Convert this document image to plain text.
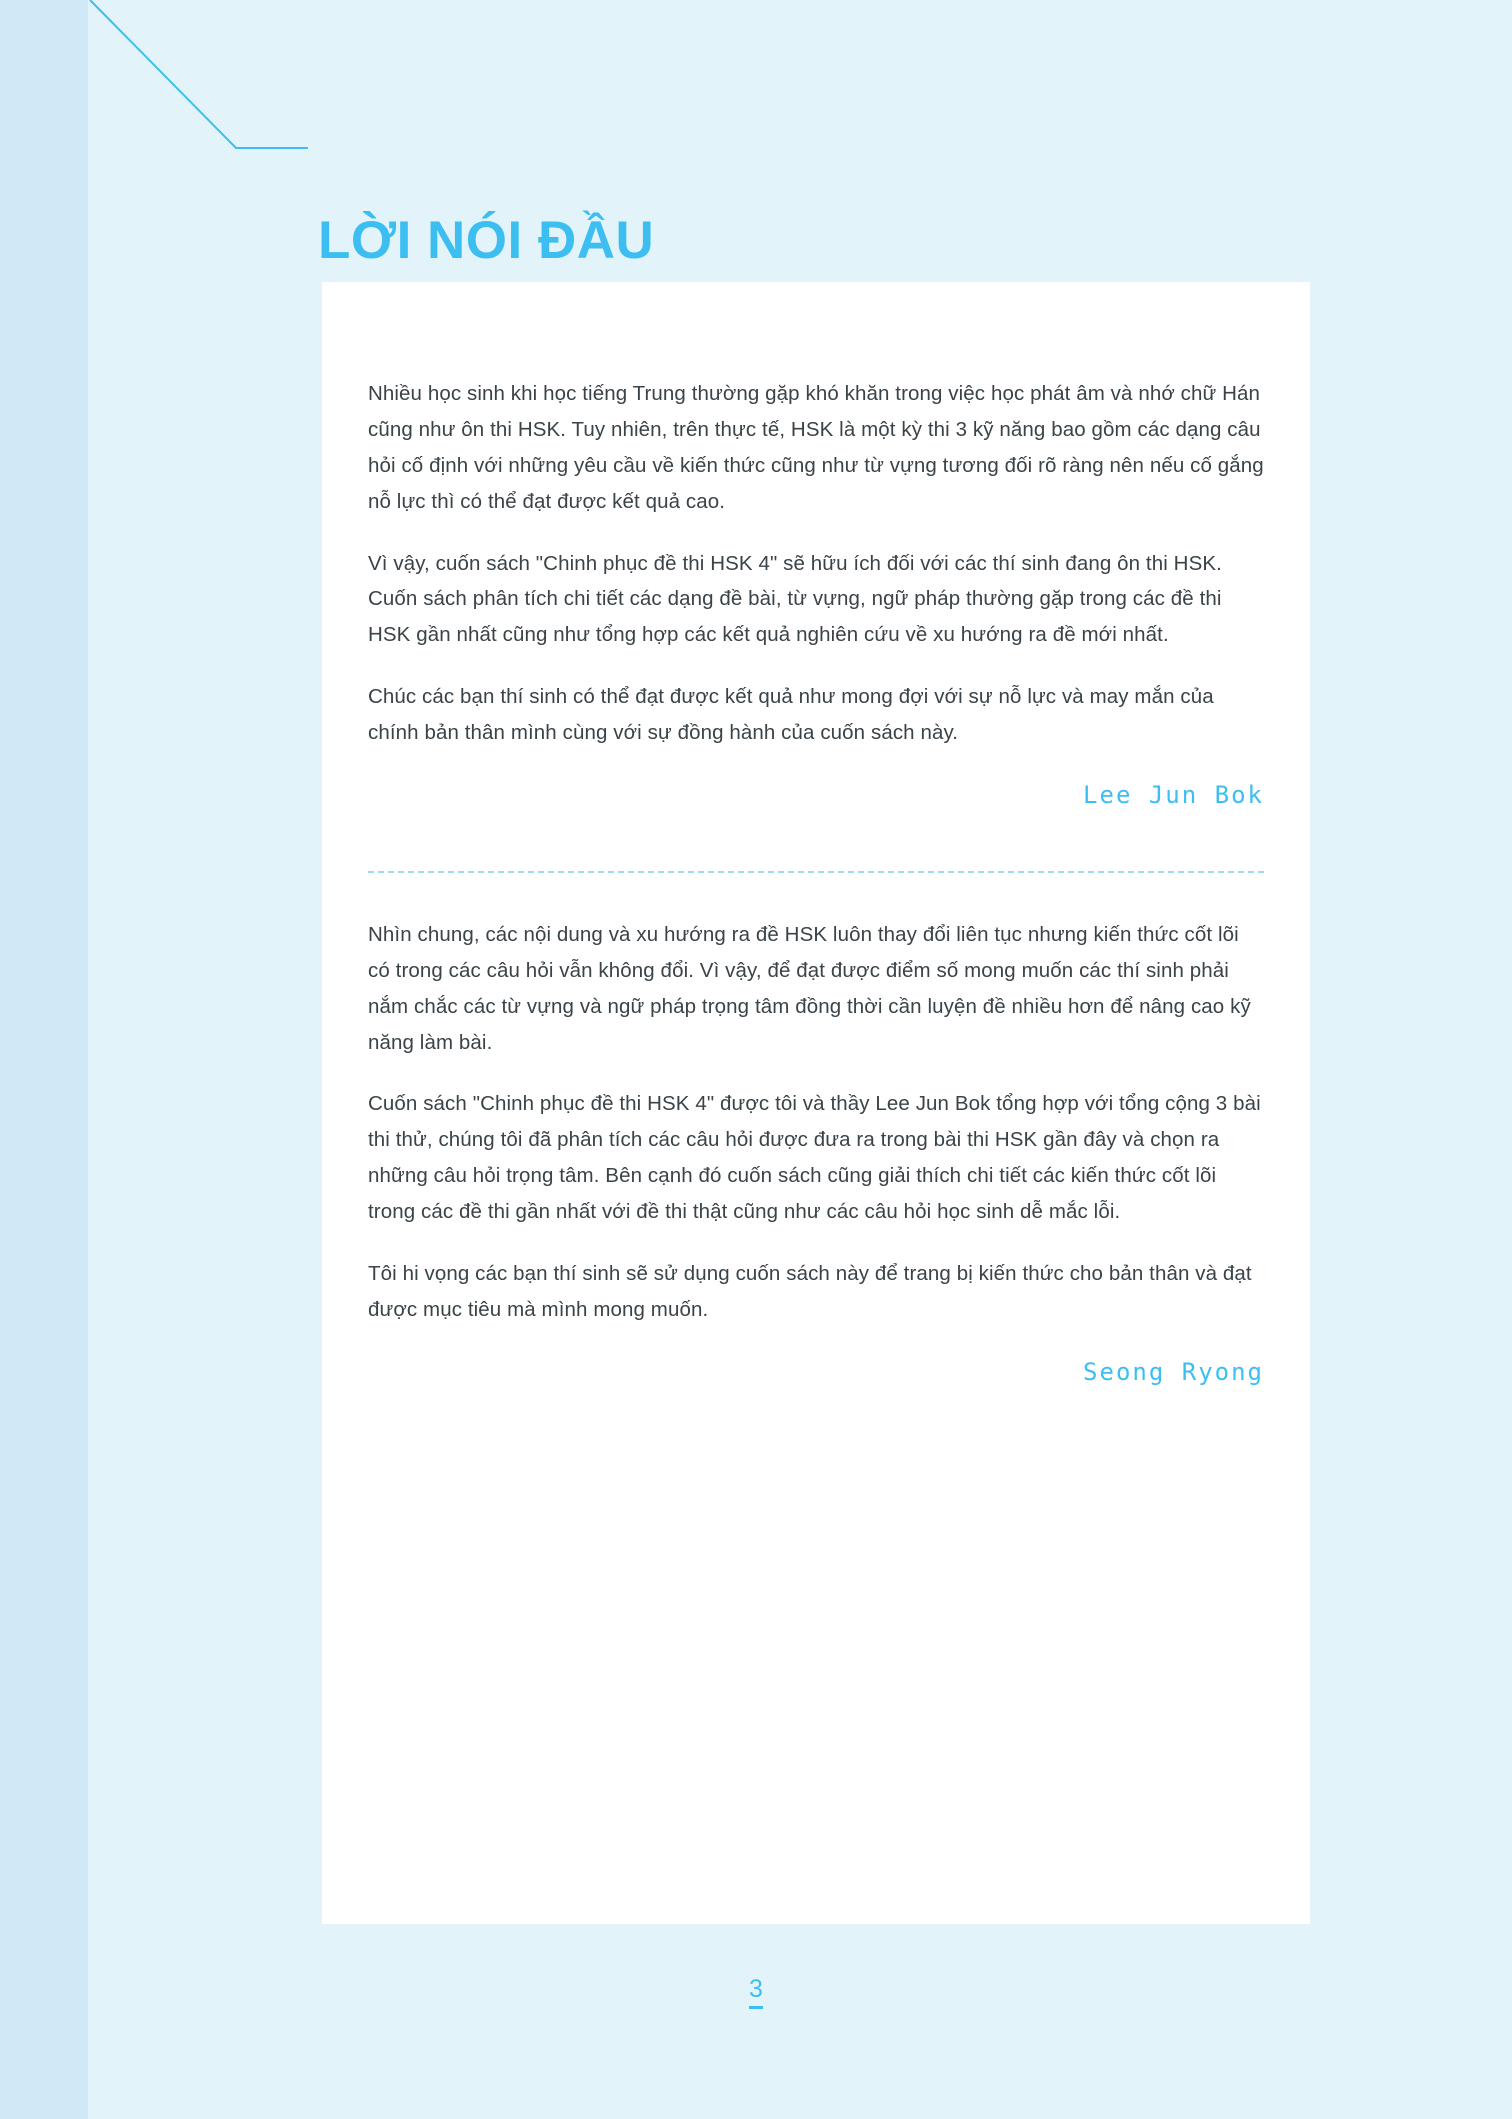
LỜI NÓI ĐẦU

Nhiều học sinh khi học tiếng Trung thường gặp khó khăn trong việc học phát âm và nhớ chữ Hán cũng như ôn thi HSK. Tuy nhiên, trên thực tế, HSK là một kỳ thi 3 kỹ năng bao gồm các dạng câu hỏi cố định với những yêu cầu về kiến thức cũng như từ vựng tương đối rõ ràng nên nếu cố gắng nỗ lực thì có thể đạt được kết quả cao.

Vì vậy, cuốn sách "Chinh phục đề thi HSK 4" sẽ hữu ích đối với các thí sinh đang ôn thi HSK. Cuốn sách phân tích chi tiết các dạng đề bài, từ vựng, ngữ pháp thường gặp trong các đề thi HSK gần nhất cũng như tổng hợp các kết quả nghiên cứu về xu hướng ra đề mới nhất.

Chúc các bạn thí sinh có thể đạt được kết quả như mong đợi với sự nỗ lực và may mắn của chính bản thân mình cùng với sự đồng hành của cuốn sách này.

Lee Jun Bok

Nhìn chung, các nội dung và xu hướng ra đề HSK luôn thay đổi liên tục nhưng kiến thức cốt lõi có trong các câu hỏi vẫn không đổi. Vì vậy, để đạt được điểm số mong muốn các thí sinh phải nắm chắc các từ vựng và ngữ pháp trọng tâm đồng thời cần luyện đề nhiều hơn để nâng cao kỹ năng làm bài.

Cuốn sách "Chinh phục đề thi HSK 4" được tôi và thầy Lee Jun Bok tổng hợp với tổng cộng 3 bài thi thử, chúng tôi đã phân tích các câu hỏi được đưa ra trong bài thi HSK gần đây và chọn ra những câu hỏi trọng tâm. Bên cạnh đó cuốn sách cũng giải thích chi tiết các kiến thức cốt lõi trong các đề thi gần nhất với đề thi thật cũng như các câu hỏi học sinh dễ mắc lỗi.

Tôi hi vọng các bạn thí sinh sẽ sử dụng cuốn sách này để trang bị kiến thức cho bản thân và đạt được mục tiêu mà mình mong muốn.

Seong Ryong

3
